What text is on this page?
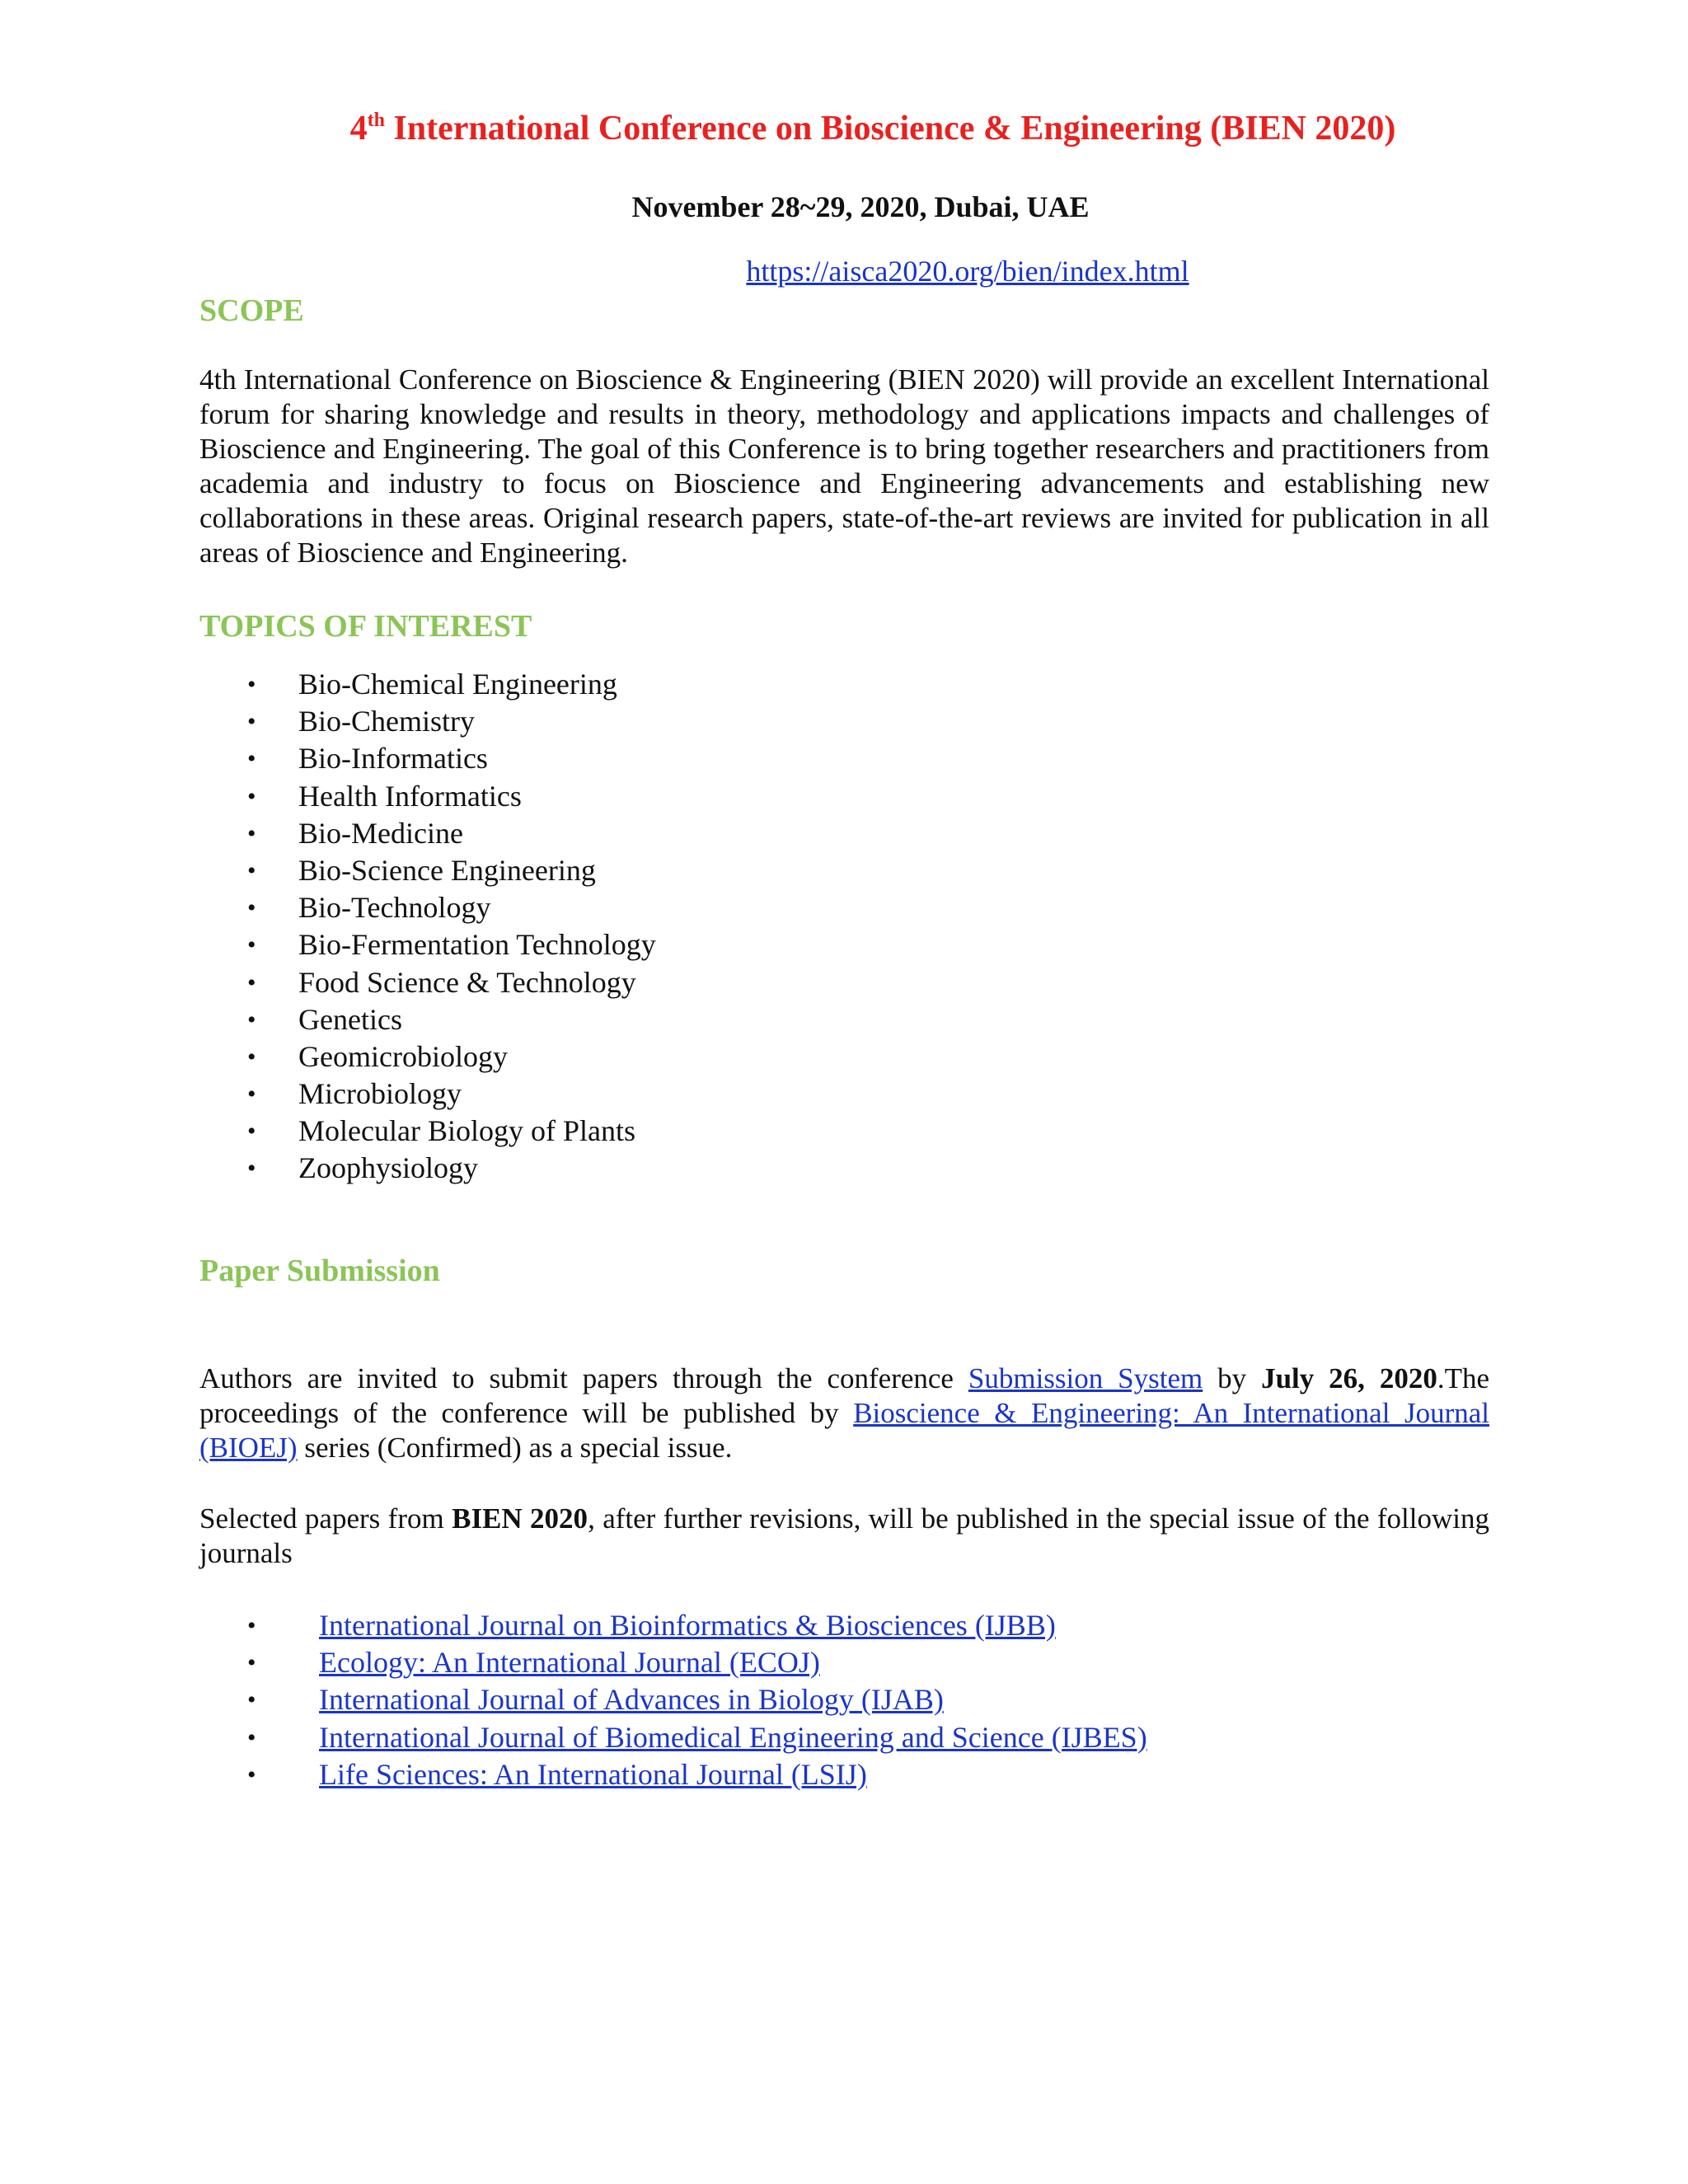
4th International Conference on Bioscience & Engineering (BIEN 2020)
November 28~29, 2020, Dubai, UAE
https://aisca2020.org/bien/index.html
SCOPE
4th International Conference on Bioscience & Engineering (BIEN 2020) will provide an excellent International forum for sharing knowledge and results in theory, methodology and applications impacts and challenges of Bioscience and Engineering. The goal of this Conference is to bring together researchers and practitioners from academia and industry to focus on Bioscience and Engineering advancements and establishing new collaborations in these areas. Original research papers, state-of-the-art reviews are invited for publication in all areas of Bioscience and Engineering.
TOPICS OF INTEREST
• Bio-Chemical Engineering
• Bio-Chemistry
• Bio-Informatics
• Health Informatics
• Bio-Medicine
• Bio-Science Engineering
• Bio-Technology
• Bio-Fermentation Technology
• Food Science & Technology
• Genetics
• Geomicrobiology
• Microbiology
• Molecular Biology of Plants
• Zoophysiology
Paper Submission
Authors are invited to submit papers through the conference Submission System by July 26, 2020.The proceedings of the conference will be published by Bioscience & Engineering: An International Journal (BIOEJ) series (Confirmed) as a special issue.
Selected papers from BIEN 2020, after further revisions, will be published in the special issue of the following journals
• International Journal on Bioinformatics & Biosciences (IJBB)
• Ecology: An International Journal (ECOJ)
• International Journal of Advances in Biology (IJAB)
• International Journal of Biomedical Engineering and Science (IJBES)
• Life Sciences: An International Journal (LSIJ)
